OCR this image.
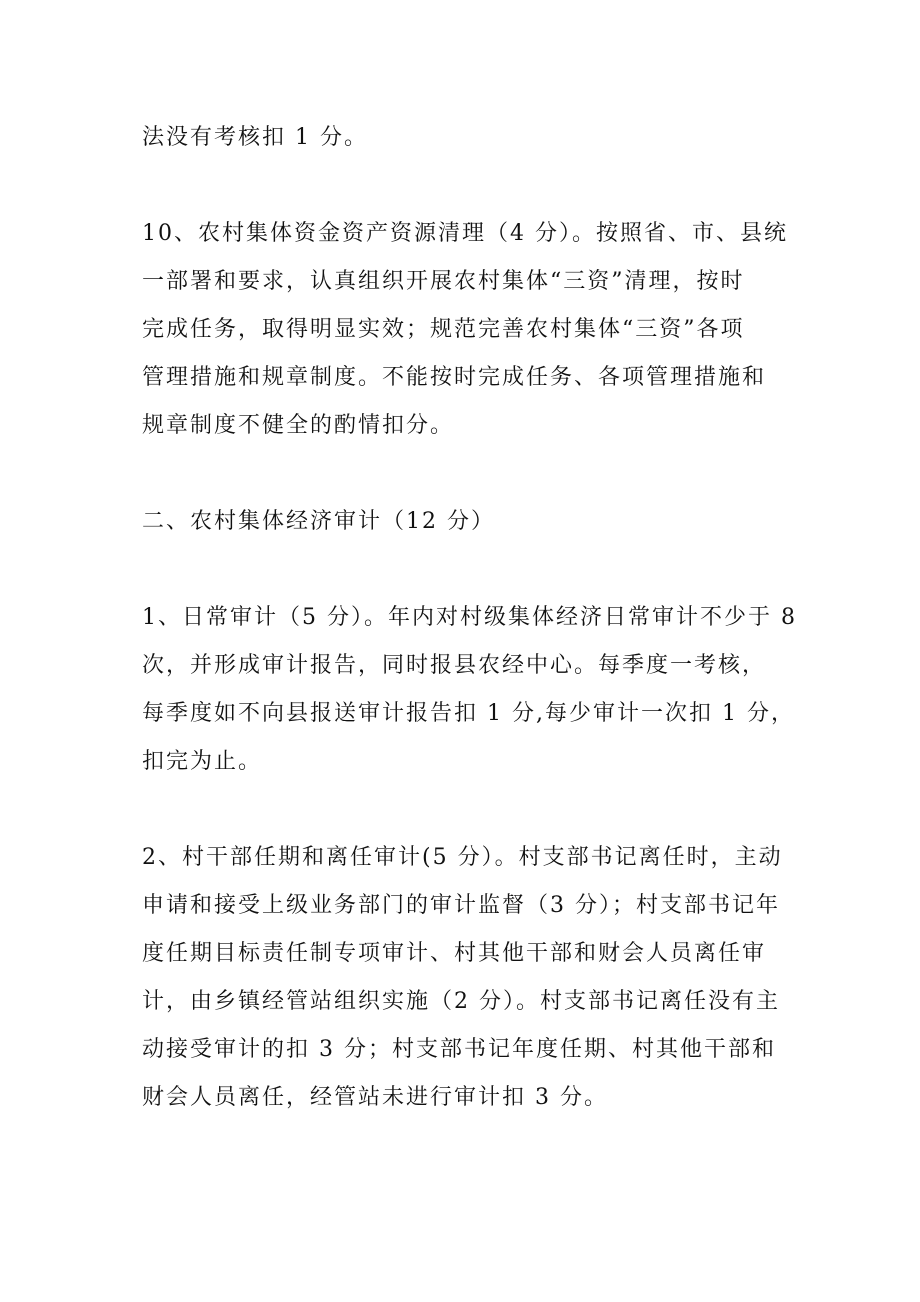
法没有考核扣 1 分。

10、农村集体资金资产资源清理（4 分）。按照省、市、县统
一部署和要求，认真组织开展农村集体“三资”清理，按时
完成任务，取得明显实效；规范完善农村集体“三资”各项
管理措施和规章制度。不能按时完成任务、各项管理措施和
规章制度不健全的酌情扣分。

二、农村集体经济审计（12 分）

1、日常审计（5 分）。年内对村级集体经济日常审计不少于 8
次，并形成审计报告，同时报县农经中心。每季度一考核，
每季度如不向县报送审计报告扣 1 分,每少审计一次扣 1 分，
扣完为止。

2、村干部任期和离任审计(5 分）。村支部书记离任时，主动
申请和接受上级业务部门的审计监督（3 分）；村支部书记年
度任期目标责任制专项审计、村其他干部和财会人员离任审
计，由乡镇经管站组织实施（2 分）。村支部书记离任没有主
动接受审计的扣 3 分；村支部书记年度任期、村其他干部和
财会人员离任，经管站未进行审计扣 3 分。
